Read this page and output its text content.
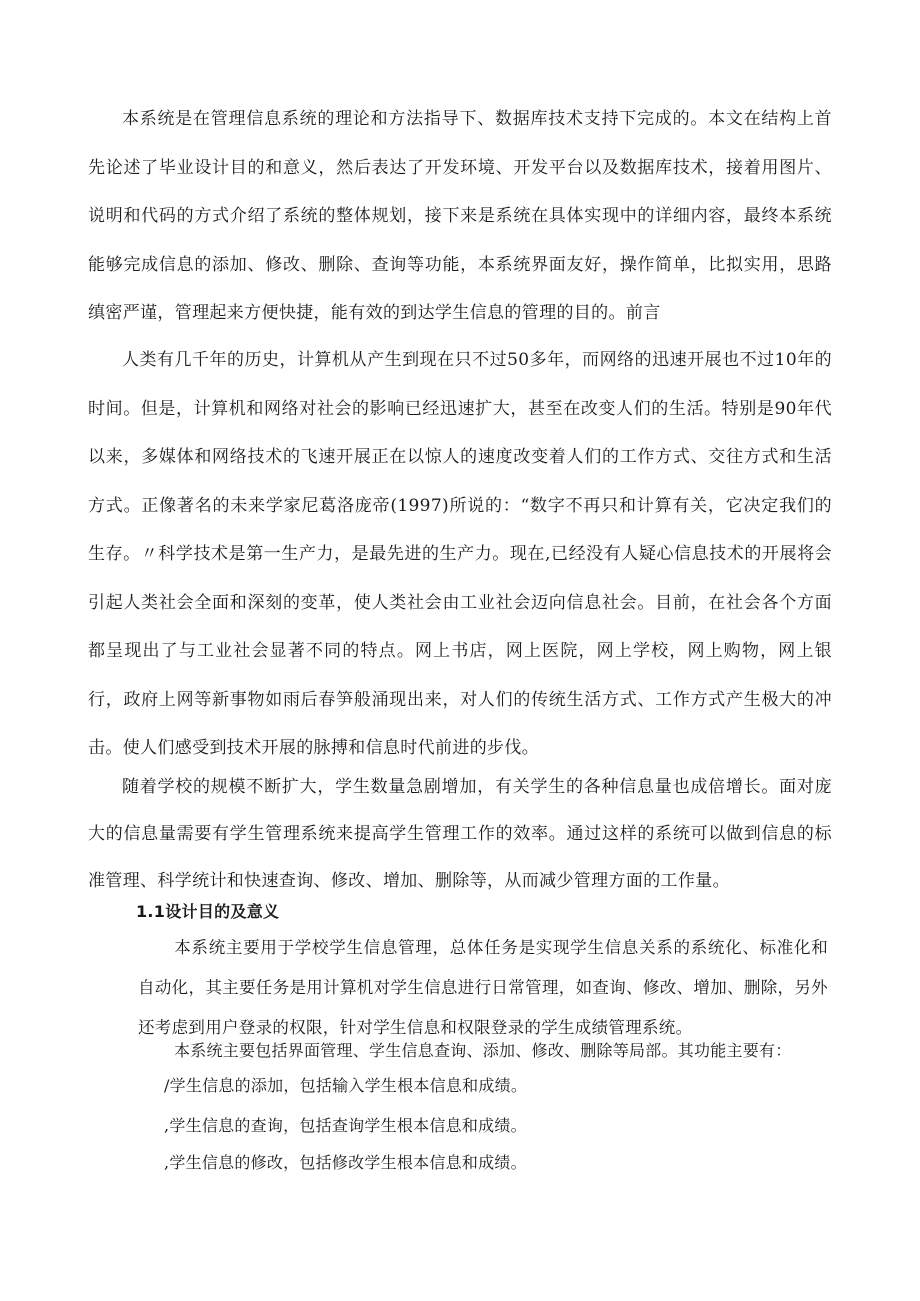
本系统是在管理信息系统的理论和方法指导下、数据库技术支持下完成的。本文在结构上首先论述了毕业设计目的和意义，然后表达了开发环境、开发平台以及数据库技术，接着用图片、说明和代码的方式介绍了系统的整体规划，接下来是系统在具体实现中的详细内容，最终本系统能够完成信息的添加、修改、删除、查询等功能，本系统界面友好，操作简单，比拟实用，思路缜密严谨，管理起来方便快捷，能有效的到达学生信息的管理的目的。前言

人类有几千年的历史，计算机从产生到现在只不过50多年，而网络的迅速开展也不过10年的时间。但是，计算机和网络对社会的影响已经迅速扩大，甚至在改变人们的生活。特别是90年代以来，多媒体和网络技术的飞速开展正在以惊人的速度改变着人们的工作方式、交往方式和生活方式。正像著名的未来学家尼葛洛庞帝(1997)所说的：“数字不再只和计算有关，它决定我们的生存。〃科学技术是第一生产力，是最先进的生产力。现在,已经没有人疑心信息技术的开展将会引起人类社会全面和深刻的变革，使人类社会由工业社会迈向信息社会。目前，在社会各个方面都呈现出了与工业社会显著不同的特点。网上书店，网上医院，网上学校，网上购物，网上银行，政府上网等新事物如雨后春笋般涌现出来，对人们的传统生活方式、工作方式产生极大的冲击。使人们感受到技术开展的脉搏和信息时代前进的步伐。

随着学校的规模不断扩大，学生数量急剧增加，有关学生的各种信息量也成倍增长。面对庞大的信息量需要有学生管理系统来提高学生管理工作的效率。通过这样的系统可以做到信息的标准管理、科学统计和快速查询、修改、增加、删除等，从而减少管理方面的工作量。

1.1设计目的及意义

本系统主要用于学校学生信息管理，总体任务是实现学生信息关系的系统化、标准化和自动化，其主要任务是用计算机对学生信息进行日常管理，如查询、修改、增加、删除，另外还考虑到用户登录的权限，针对学生信息和权限登录的学生成绩管理系统。

本系统主要包括界面管理、学生信息查询、添加、修改、删除等局部。其功能主要有：

/学生信息的添加，包括输入学生根本信息和成绩。

,学生信息的查询，包括查询学生根本信息和成绩。

,学生信息的修改，包括修改学生根本信息和成绩。
